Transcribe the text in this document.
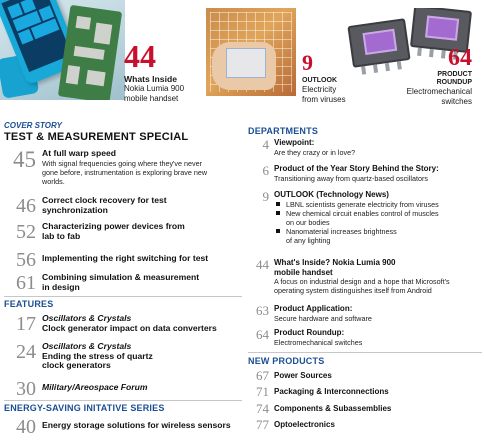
44
Whats Inside
Nokia Lumia 900
mobile handset
9
OUTLOOK
Electricity
from viruses
64
PRODUCT
ROUNDUP
Electromechanical
switches
COVER STORY
TEST & MEASUREMENT SPECIAL
45 At full warp speed
With signal frequencies going where they've never
gone before, instrumentation is exploring brave new
worlds.
46 Correct clock recovery for test
synchronization
52 Characterizing power devices from
lab to fab
56 Implementing the right switching for test
61 Combining simulation & measurement
in design
FEATURES
17 Oscillators & Crystals
Clock generator impact on data converters
24 Oscillators & Crystals
Ending the stress of quartz
clock generators
30 Military/Areospace Forum
ENERGY-SAVING INITATIVE SERIES
40 Energy storage solutions for wireless sensors
DEPARTMENTS
4 Viewpoint:
Are they crazy or in love?
6 Product of the Year Story Behind the Story:
Transitioning away from quartz-based oscillators
9 OUTLOOK (Technology News)
LBNL scientists generate electricity from viruses
New chemical circuit enables control of muscles
on our bodies
Nanomaterial increases brightness
of any lighting
44 What's Inside? Nokia Lumia 900
mobile handset
A focus on industrial design and a hope that Microsoft's
operating system distinguishes itself from Android
63 Product Application:
Secure hardware and software
64 Product Roundup:
Electromechanical switches
NEW PRODUCTS
67 Power Sources
71 Packaging & Interconnections
74 Components & Subassemblies
77 Optoelectronics
